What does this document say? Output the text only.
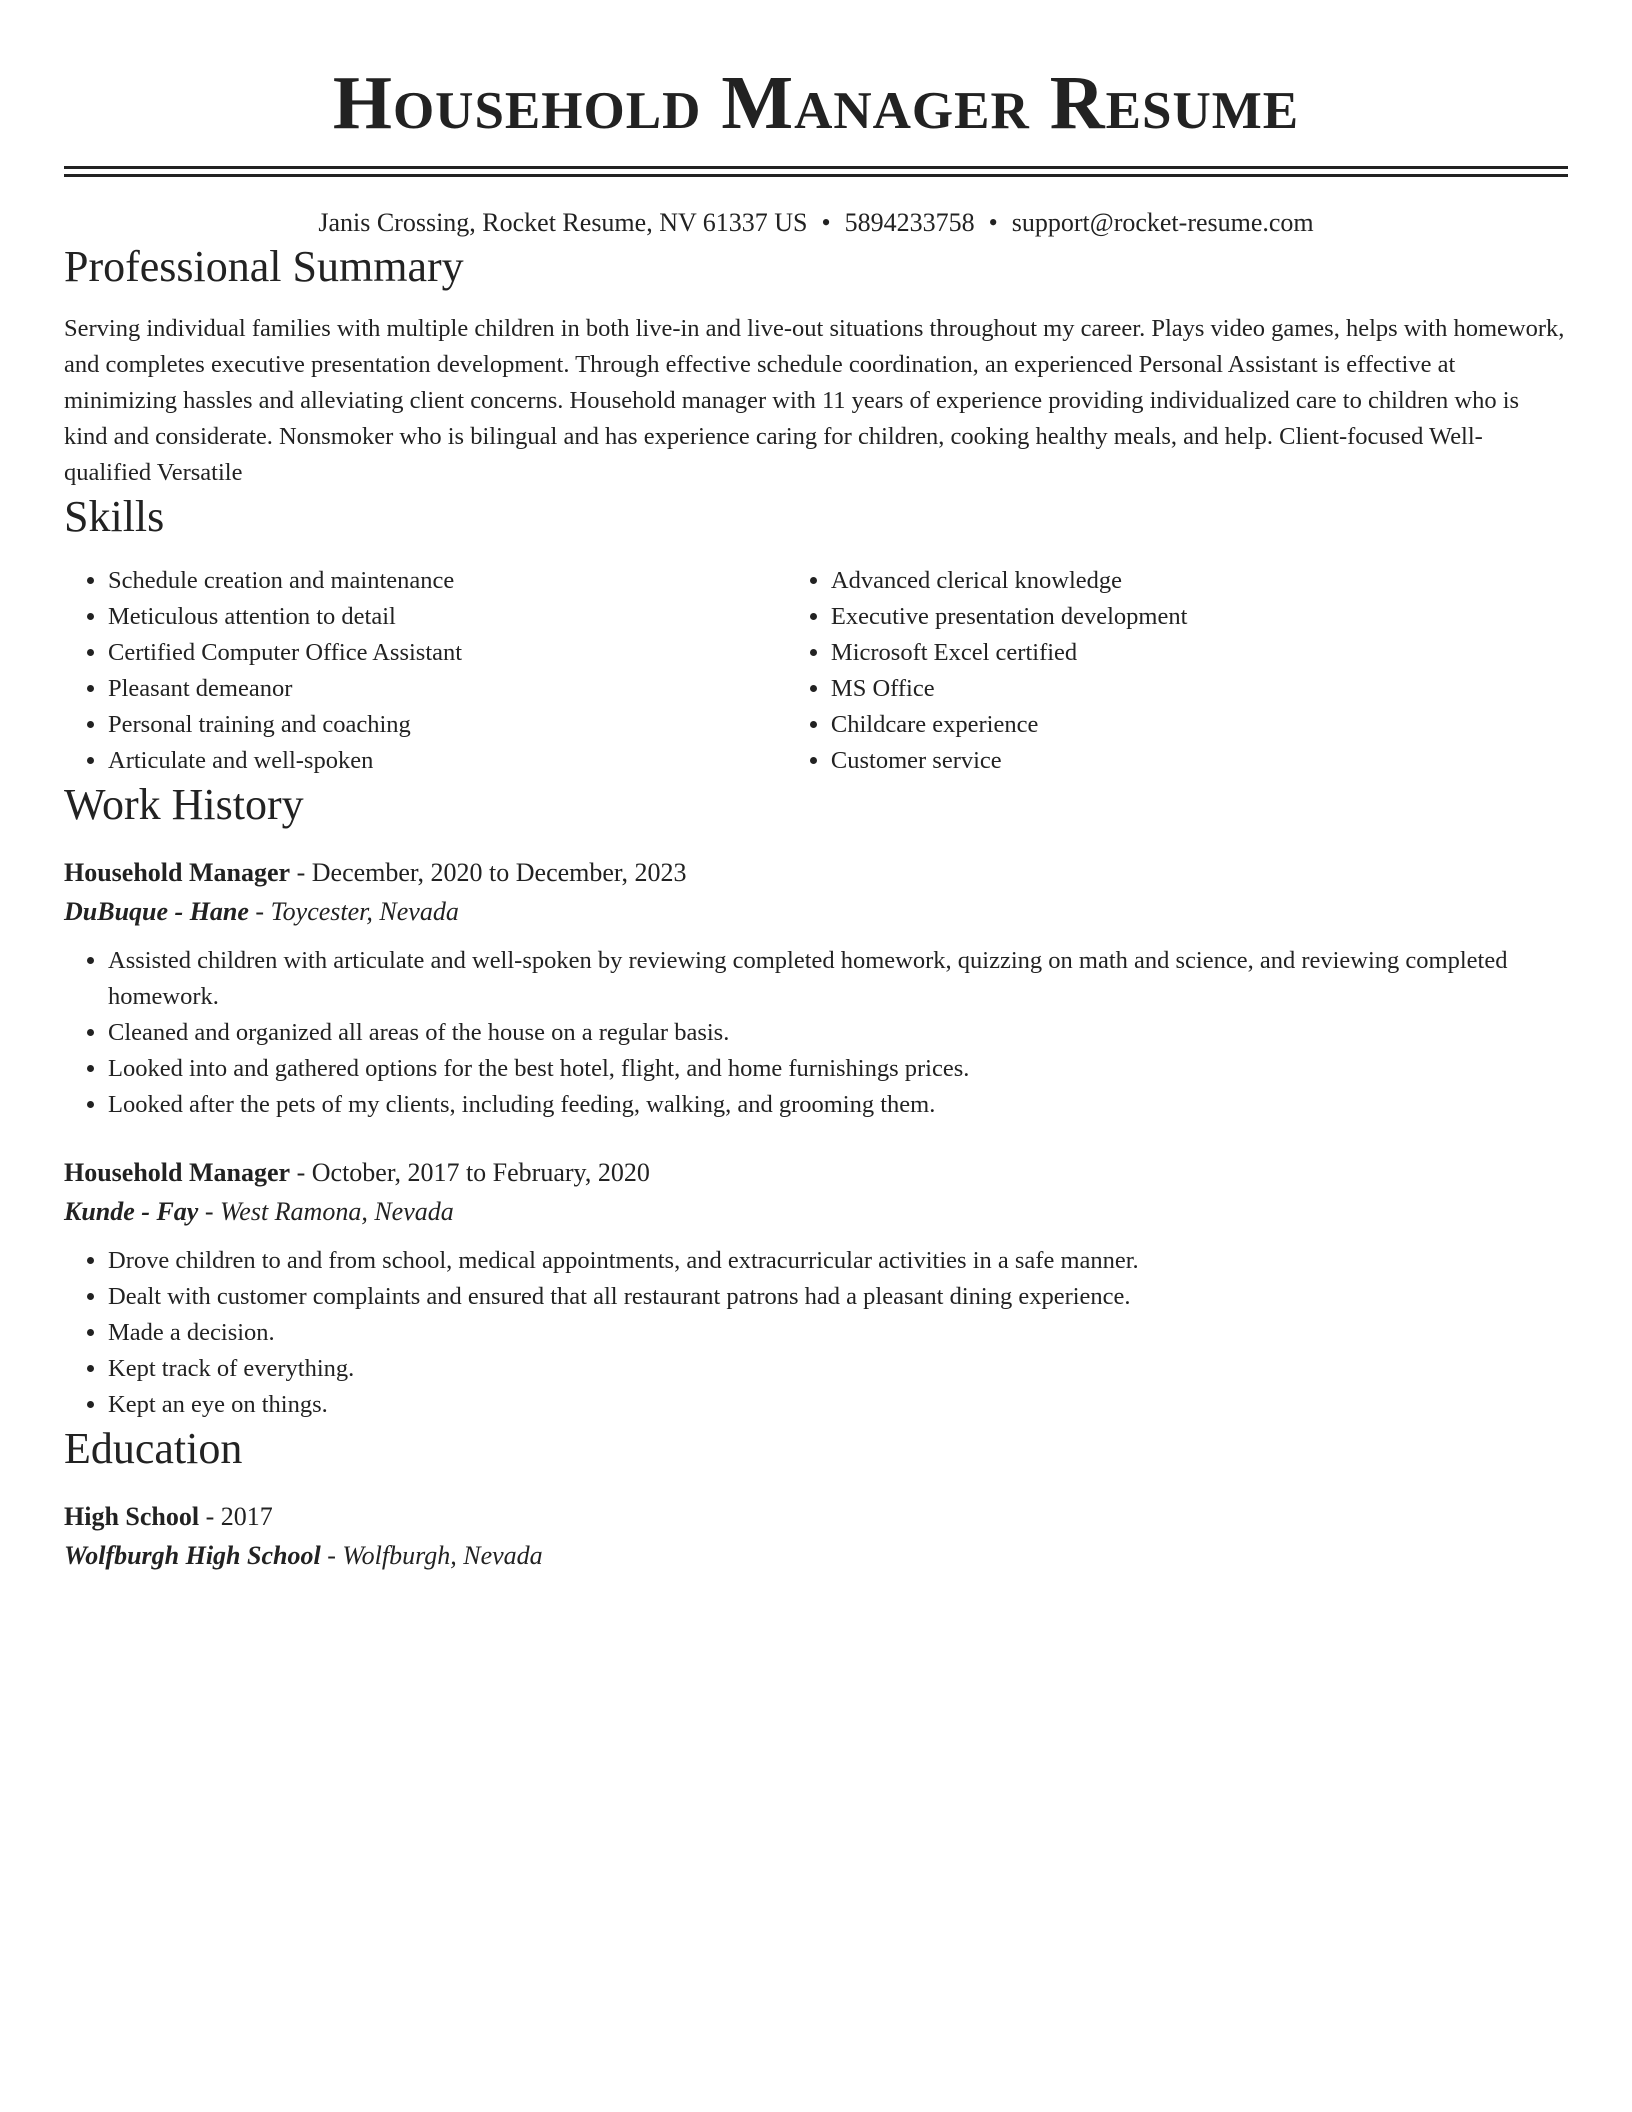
Household Manager Resume
Janis Crossing, Rocket Resume, NV 61337 US • 5894233758 • support@rocket-resume.com
Professional Summary

Serving individual families with multiple children in both live-in and live-out situations throughout my career. Plays video games, helps with homework, and completes executive presentation development. Through effective schedule coordination, an experienced Personal Assistant is effective at minimizing hassles and alleviating client concerns. Household manager with 11 years of experience providing individualized care to children who is kind and considerate. Nonsmoker who is bilingual and has experience caring for children, cooking healthy meals, and help. Client-focused Well-qualified Versatile

Skills
• Schedule creation and maintenance
• Meticulous attention to detail
• Certified Computer Office Assistant
• Pleasant demeanor
• Personal training and coaching
• Articulate and well-spoken
• Advanced clerical knowledge
• Executive presentation development
• Microsoft Excel certified
• MS Office
• Childcare experience
• Customer service
Work History
Household Manager - December, 2020 to December, 2023
DuBuque - Hane - Toycester, Nevada
• Assisted children with articulate and well-spoken by reviewing completed homework, quizzing on math and science, and reviewing completed homework.
• Cleaned and organized all areas of the house on a regular basis.
• Looked into and gathered options for the best hotel, flight, and home furnishings prices.
• Looked after the pets of my clients, including feeding, walking, and grooming them.
Household Manager - October, 2017 to February, 2020
Kunde - Fay - West Ramona, Nevada
• Drove children to and from school, medical appointments, and extracurricular activities in a safe manner.
• Dealt with customer complaints and ensured that all restaurant patrons had a pleasant dining experience.
• Made a decision.
• Kept track of everything.
• Kept an eye on things.
Education
High School - 2017
Wolfburgh High School - Wolfburgh, Nevada
